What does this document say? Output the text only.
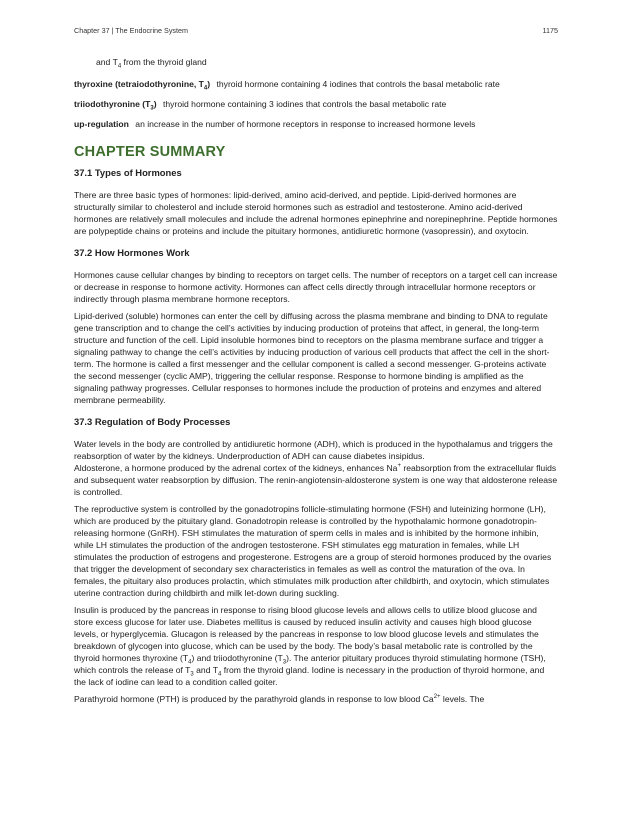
Chapter 37 | The Endocrine System	1175
and $T_4$ from the thyroid gland
thyroxine (tetraiodothyronine, $T_4$) thyroid hormone containing 4 iodines that controls the basal metabolic rate
triiodothyronine $(T_3)$ thyroid hormone containing 3 iodines that controls the basal metabolic rate
up-regulation an increase in the number of hormone receptors in response to increased hormone levels
CHAPTER SUMMARY
37.1 Types of Hormones

There are three basic types of hormones: lipid-derived, amino acid-derived, and peptide. Lipid-derived hormones are structurally similar to cholesterol and include steroid hormones such as estradiol and testosterone. Amino acid-derived hormones are relatively small molecules and include the adrenal hormones epinephrine and norepinephrine. Peptide hormones are polypeptide chains or proteins and include the pituitary hormones, antidiuretic hormone (vasopressin), and oxytocin.

37.2 How Hormones Work

Hormones cause cellular changes by binding to receptors on target cells. The number of receptors on a target cell can increase or decrease in response to hormone activity. Hormones can affect cells directly through intracellular hormone receptors or indirectly through plasma membrane hormone receptors.

Lipid-derived (soluble) hormones can enter the cell by diffusing across the plasma membrane and binding to DNA to regulate gene transcription and to change the cell’s activities by inducing production of proteins that affect, in general, the long-term structure and function of the cell. Lipid insoluble hormones bind to receptors on the plasma membrane surface and trigger a signaling pathway to change the cell’s activities by inducing production of various cell products that affect the cell in the short-term. The hormone is called a first messenger and the cellular component is called a second messenger. G-proteins activate the second messenger (cyclic AMP), triggering the cellular response. Response to hormone binding is amplified as the signaling pathway progresses. Cellular responses to hormones include the production of proteins and enzymes and altered membrane permeability.

37.3 Regulation of Body Processes

Water levels in the body are controlled by antidiuretic hormone (ADH), which is produced in the hypothalamus and triggers the reabsorption of water by the kidneys. Underproduction of ADH can cause diabetes insipidus.

Aldosterone, a hormone produced by the adrenal cortex of the kidneys, enhances Na+ reabsorption from the extracellular fluids and subsequent water reabsorption by diffusion. The renin-angiotensin-aldosterone system is one way that aldosterone release is controlled.

The reproductive system is controlled by the gonadotropins follicle-stimulating hormone (FSH) and luteinizing hormone (LH), which are produced by the pituitary gland. Gonadotropin release is controlled by the hypothalamic hormone gonadotropin-releasing hormone (GnRH). FSH stimulates the maturation of sperm cells in males and is inhibited by the hormone inhibin, while LH stimulates the production of the androgen testosterone. FSH stimulates egg maturation in females, while LH stimulates the production of estrogens and progesterone. Estrogens are a group of steroid hormones produced by the ovaries that trigger the development of secondary sex characteristics in females as well as control the maturation of the ova. In females, the pituitary also produces prolactin, which stimulates milk production after childbirth, and oxytocin, which stimulates uterine contraction during childbirth and milk let-down during suckling.

Insulin is produced by the pancreas in response to rising blood glucose levels and allows cells to utilize blood glucose and store excess glucose for later use. Diabetes mellitus is caused by reduced insulin activity and causes high blood glucose levels, or hyperglycemia. Glucagon is released by the pancreas in response to low blood glucose levels and stimulates the breakdown of glycogen into glucose, which can be used by the body. The body’s basal metabolic rate is controlled by the thyroid hormones thyroxine $(T_4)$ and triiodothyronine $(T_3)$. The anterior pituitary produces thyroid stimulating hormone (TSH), which controls the release of $T_3$ and $T_4$ from the thyroid gland. Iodine is necessary in the production of thyroid hormone, and the lack of iodine can lead to a condition called goiter.

Parathyroid hormone (PTH) is produced by the parathyroid glands in response to low blood $Ca^{2+}$ levels. The
